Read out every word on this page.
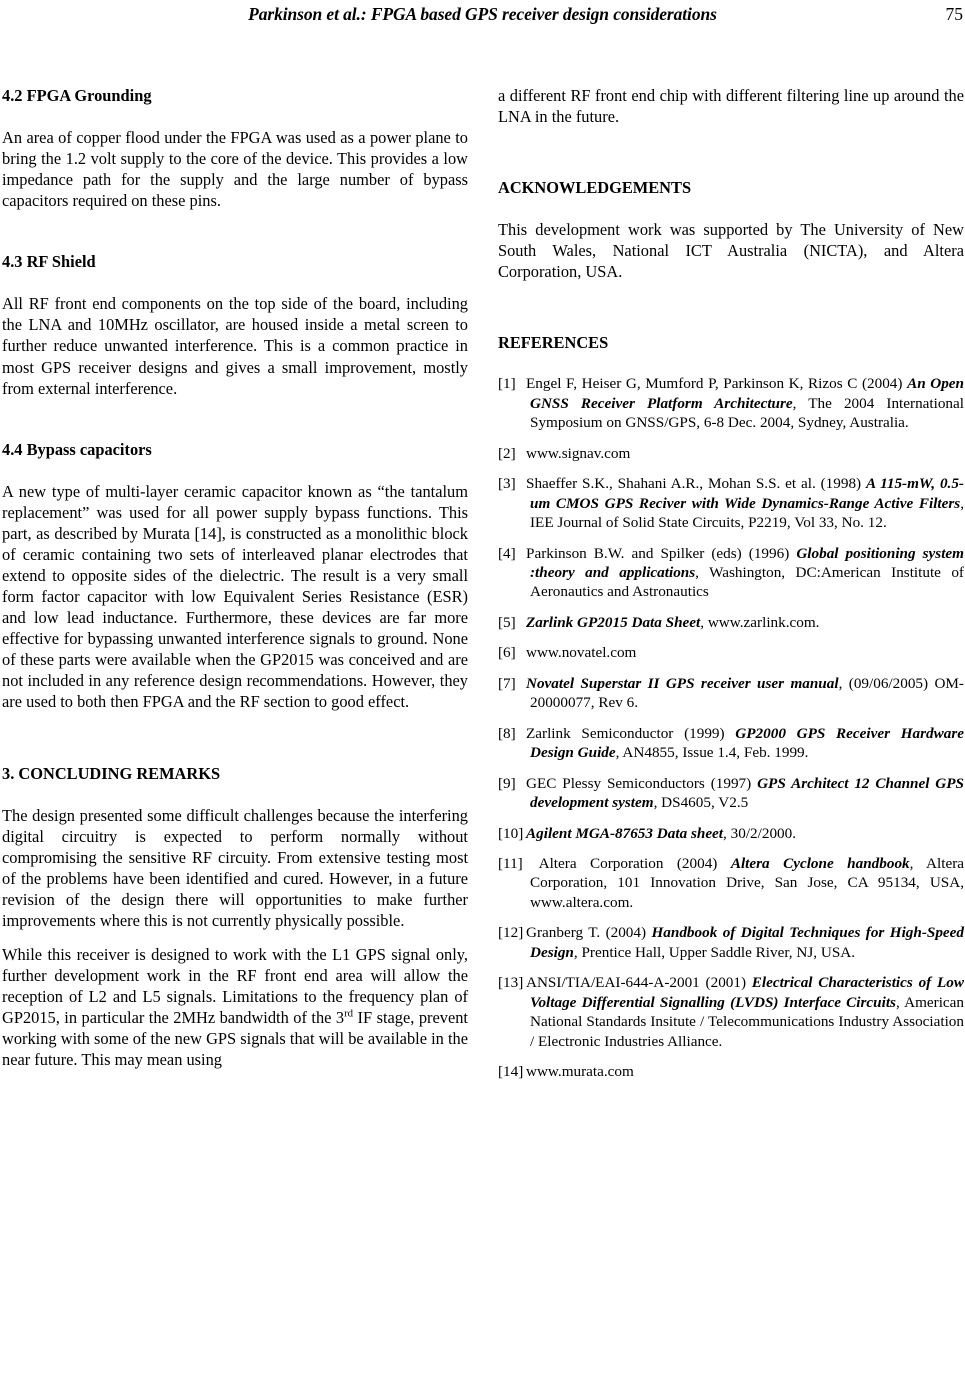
Parkinson et al.: FPGA based GPS receiver design considerations	75
4.2 FPGA Grounding

An area of copper flood under the FPGA was used as a power plane to bring the 1.2 volt supply to the core of the device. This provides a low impedance path for the supply and the large number of bypass capacitors required on these pins.

4.3 RF Shield

All RF front end components on the top side of the board, including the LNA and 10MHz oscillator, are housed inside a metal screen to further reduce unwanted interference. This is a common practice in most GPS receiver designs and gives a small improvement, mostly from external interference.

4.4 Bypass capacitors

A new type of multi-layer ceramic capacitor known as “the tantalum replacement” was used for all power supply bypass functions. This part, as described by Murata [14], is constructed as a monolithic block of ceramic containing two sets of interleaved planar electrodes that extend to opposite sides of the dielectric. The result is a very small form factor capacitor with low Equivalent Series Resistance (ESR) and low lead inductance. Furthermore, these devices are far more effective for bypassing unwanted interference signals to ground. None of these parts were available when the GP2015 was conceived and are not included in any reference design recommendations. However, they are used to both then FPGA and the RF section to good effect.

3. CONCLUDING REMARKS

The design presented some difficult challenges because the interfering digital circuitry is expected to perform normally without compromising the sensitive RF circuity. From extensive testing most of the problems have been identified and cured. However, in a future revision of the design there will opportunities to make further improvements where this is not currently physically possible.

While this receiver is designed to work with the L1 GPS signal only, further development work in the RF front end area will allow the reception of L2 and L5 signals. Limitations to the frequency plan of GP2015, in particular the 2MHz bandwidth of the 3rd IF stage, prevent working with some of the new GPS signals that will be available in the near future. This may mean using

a different RF front end chip with different filtering line up around the LNA in the future.

ACKNOWLEDGEMENTS

This development work was supported by The University of New South Wales, National ICT Australia (NICTA), and Altera Corporation, USA.

REFERENCES
[1] Engel F, Heiser G, Mumford P, Parkinson K, Rizos C (2004) An Open GNSS Receiver Platform Architecture, The 2004 International Symposium on GNSS/GPS, 6-8 Dec. 2004, Sydney, Australia.
[2] www.signav.com
[3] Shaeffer S.K., Shahani A.R., Mohan S.S. et al. (1998) A 115-mW, 0.5-um CMOS GPS Reciver with Wide Dynamics-Range Active Filters, IEE Journal of Solid State Circuits, P2219, Vol 33, No. 12.
[4] Parkinson B.W. and Spilker (eds) (1996) Global positioning system :theory and applications, Washington, DC:American Institute of Aeronautics and Astronautics
[5] Zarlink GP2015 Data Sheet, www.zarlink.com.
[6] www.novatel.com
[7] Novatel Superstar II GPS receiver user manual, (09/06/2005) OM-20000077, Rev 6.
[8] Zarlink Semiconductor (1999) GP2000 GPS Receiver Hardware Design Guide, AN4855, Issue 1.4, Feb. 1999.
[9] GEC Plessy Semiconductors (1997) GPS Architect 12 Channel GPS development system, DS4605, V2.5
[10] Agilent MGA-87653 Data sheet, 30/2/2000.
[11] Altera Corporation (2004) Altera Cyclone handbook, Altera Corporation, 101 Innovation Drive, San Jose, CA 95134, USA, www.altera.com.
[12] Granberg T. (2004) Handbook of Digital Techniques for High-Speed Design, Prentice Hall, Upper Saddle River, NJ, USA.
[13] ANSI/TIA/EAI-644-A-2001 (2001) Electrical Characteristics of Low Voltage Differential Signalling (LVDS) Interface Circuits, American National Standards Insitute / Telecommunications Industry Association / Electronic Industries Alliance.
[14] www.murata.com
